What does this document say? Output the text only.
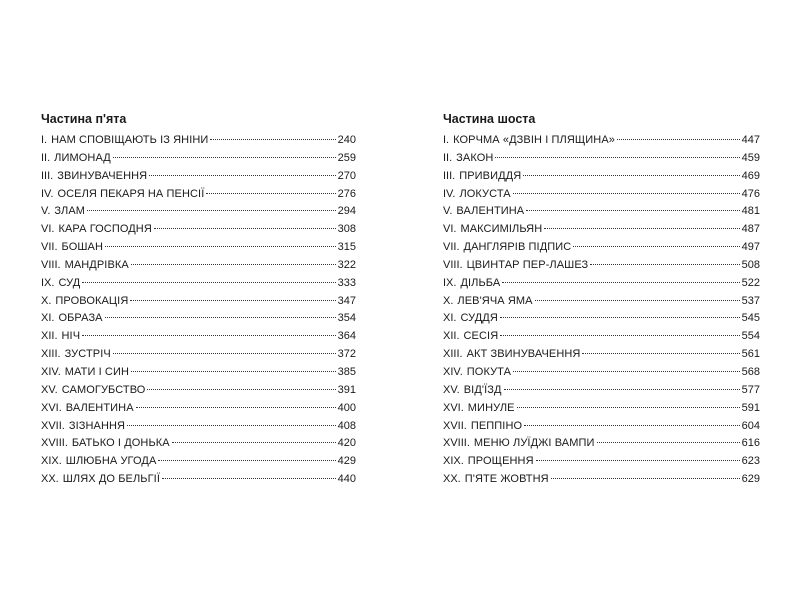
Частина п'ята
I. НАМ СПОВІЩАЮТЬ ІЗ ЯНІНИ	240
II. ЛИМОНАД	259
III. ЗВИНУВАЧЕННЯ	270
IV. ОСЕЛЯ ПЕКАРЯ НА ПЕНСІЇ	276
V. ЗЛАМ	294
VI. КАРА ГОСПОДНЯ	308
VII. БОШАН	315
VIII. МАНДРІВКА	322
IX. СУД	333
X. ПРОВОКАЦІЯ	347
XI. ОБРАЗА	354
XII. НІЧ	364
XIII. ЗУСТРІЧ	372
XIV. МАТИ І СИН	385
XV. САМОГУБСТВО	391
XVI. ВАЛЕНТИНА	400
XVII. ЗІЗНАННЯ	408
XVIII. БАТЬКО І ДОНЬКА	420
XIX. ШЛЮБНА УГОДА	429
XX. ШЛЯХ ДО БЕЛЬГІЇ	440
Частина шоста
I. КОРЧМА «ДЗВІН І ПЛЯЩИНА»	447
II. ЗАКОН	459
III. ПРИВИДДЯ	469
IV. ЛОКУСТА	476
V. ВАЛЕНТИНА	481
VI. МАКСИМІЛЬЯН	487
VII. ДАНГЛЯРІВ ПІДПИС	497
VIII. ЦВИНТАР ПЕР-ЛАШЕЗ	508
IX. ДІЛЬБА	522
X. ЛЕВ'ЯЧА ЯМА	537
XI. СУДДЯ	545
XII. СЕСІЯ	554
XIII. АКТ ЗВИНУВАЧЕННЯ	561
XIV. ПОКУТА	568
XV. ВІД'ЇЗД	577
XVI. МИНУЛЕ	591
XVII. ПЕППІНО	604
XVIII. МЕНЮ ЛУЇДЖІ ВАМПИ	616
XIX. ПРОЩЕННЯ	623
XX. П'ЯТЕ ЖОВТНЯ	629
